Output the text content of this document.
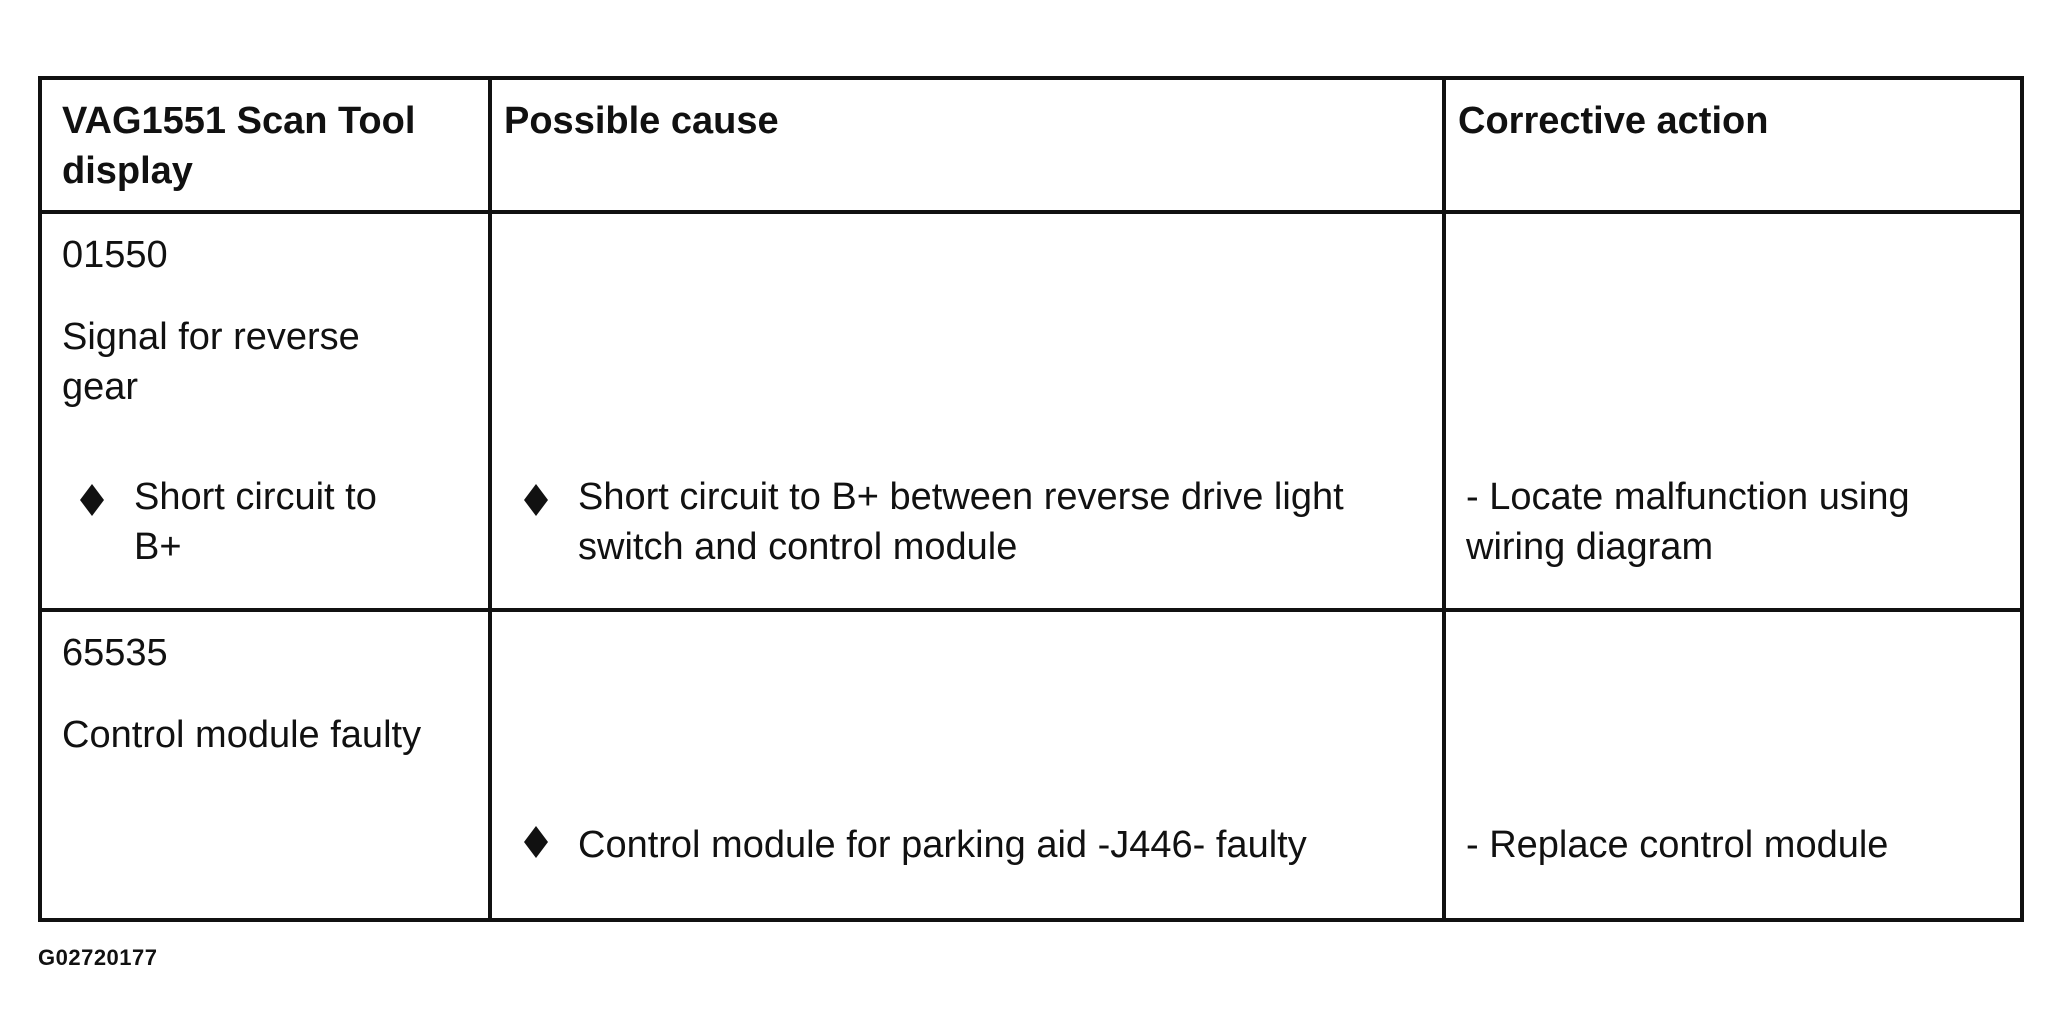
VAG1551 Scan Tool
display
Possible cause	Corrective action
01550
Signal for reverse
gear
Short circuit to
B+
Short circuit to B+ between reverse drive light
switch and control module
- Locate malfunction using
wiring diagram
65535
Control module faulty
Control module for parking aid -J446- faulty	- Replace control module
G02720177
